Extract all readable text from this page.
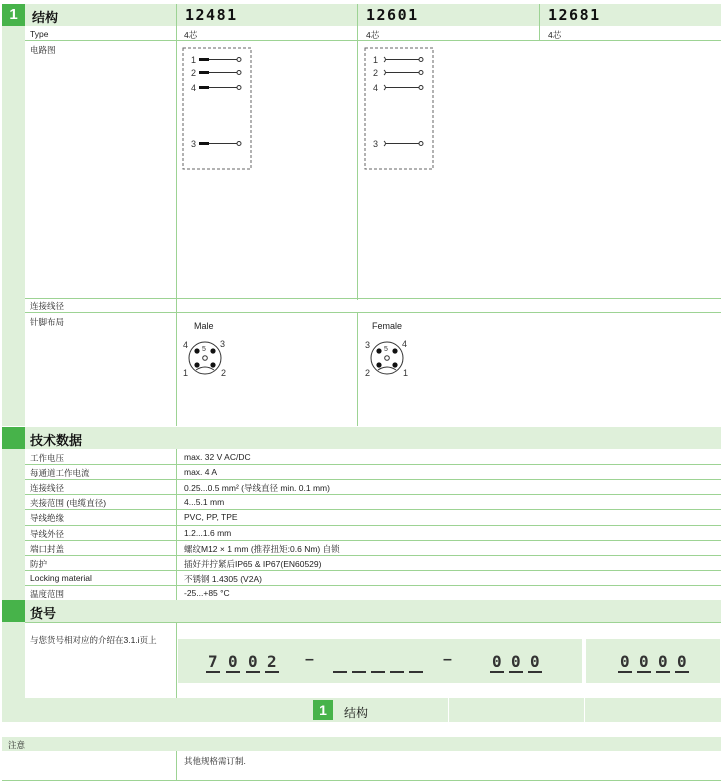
1	结构	12481	12601	12681
Type	4芯	4芯	4芯
电路图
1
2
4
3
1
2
4
3
连接线径
针脚布局	Male	Female
4	3
1	2
5	3	4
2	1
5
技术数据
工作电压	max. 32 V AC/DC
每通道工作电流	max. 4 A
连接线径	0.25...0.5 mm² (导线直径 min. 0.1 mm)
夹接范围 (电缆直径)	4...5.1 mm
导线绝缘	PVC, PP, TPE
导线外径	1.2...1.6 mm
端口封盖	螺纹M12 × 1 mm (推荐扭矩:0.6 Nm) 自锁
防护	插好并拧紧后IP65 & IP67(EN60529)
Locking material	不锈钢 1.4305 (V2A)
温度范围	-25...+85 °C
货号
与您货号相对应的介绍在3.1.i页上
7 0 0 2 –	–	0 0 0	0 0 0 0
1	结构
注意
其他规格需订制.
